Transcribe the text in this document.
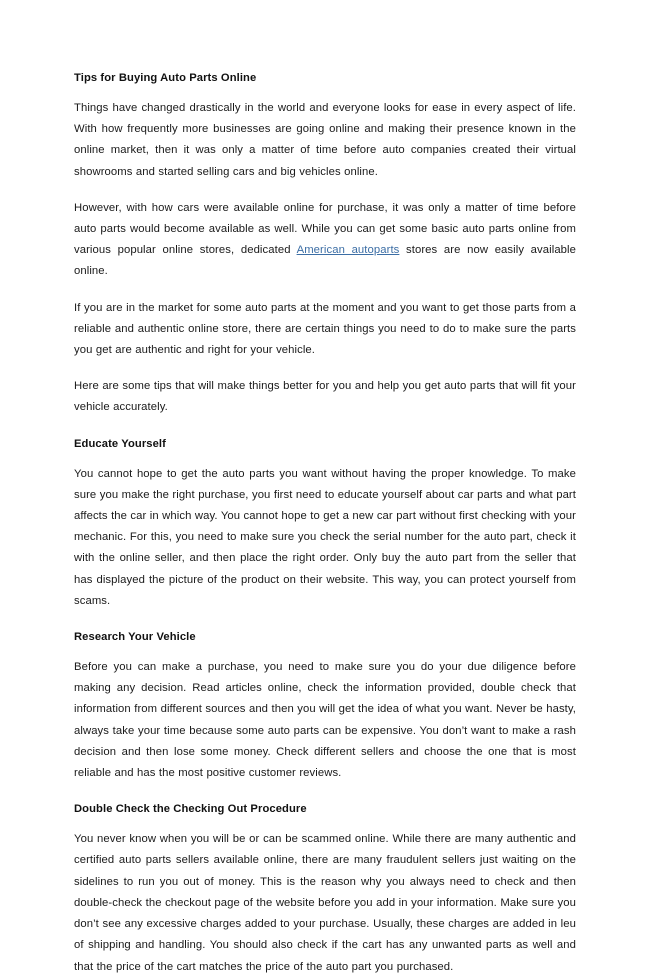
Tips for Buying Auto Parts Online

Things have changed drastically in the world and everyone looks for ease in every aspect of life. With how frequently more businesses are going online and making their presence known in the online market, then it was only a matter of time before auto companies created their virtual showrooms and started selling cars and big vehicles online.

However, with how cars were available online for purchase, it was only a matter of time before auto parts would become available as well. While you can get some basic auto parts online from various popular online stores, dedicated American autoparts stores are now easily available online.

If you are in the market for some auto parts at the moment and you want to get those parts from a reliable and authentic online store, there are certain things you need to do to make sure the parts you get are authentic and right for your vehicle.

Here are some tips that will make things better for you and help you get auto parts that will fit your vehicle accurately.

Educate Yourself

You cannot hope to get the auto parts you want without having the proper knowledge. To make sure you make the right purchase, you first need to educate yourself about car parts and what part affects the car in which way. You cannot hope to get a new car part without first checking with your mechanic. For this, you need to make sure you check the serial number for the auto part, check it with the online seller, and then place the right order. Only buy the auto part from the seller that has displayed the picture of the product on their website. This way, you can protect yourself from scams.

Research Your Vehicle

Before you can make a purchase, you need to make sure you do your due diligence before making any decision. Read articles online, check the information provided, double check that information from different sources and then you will get the idea of what you want. Never be hasty, always take your time because some auto parts can be expensive. You don’t want to make a rash decision and then lose some money. Check different sellers and choose the one that is most reliable and has the most positive customer reviews.

Double Check the Checking Out Procedure

You never know when you will be or can be scammed online. While there are many authentic and certified auto parts sellers available online, there are many fraudulent sellers just waiting on the sidelines to run you out of money. This is the reason why you always need to check and then double-check the checkout page of the website before you add in your information. Make sure you don’t see any excessive charges added to your purchase. Usually, these charges are added in leu of shipping and handling. You should also check if the cart has any unwanted parts as well and that the price of the cart matches the price of the auto part you purchased.
